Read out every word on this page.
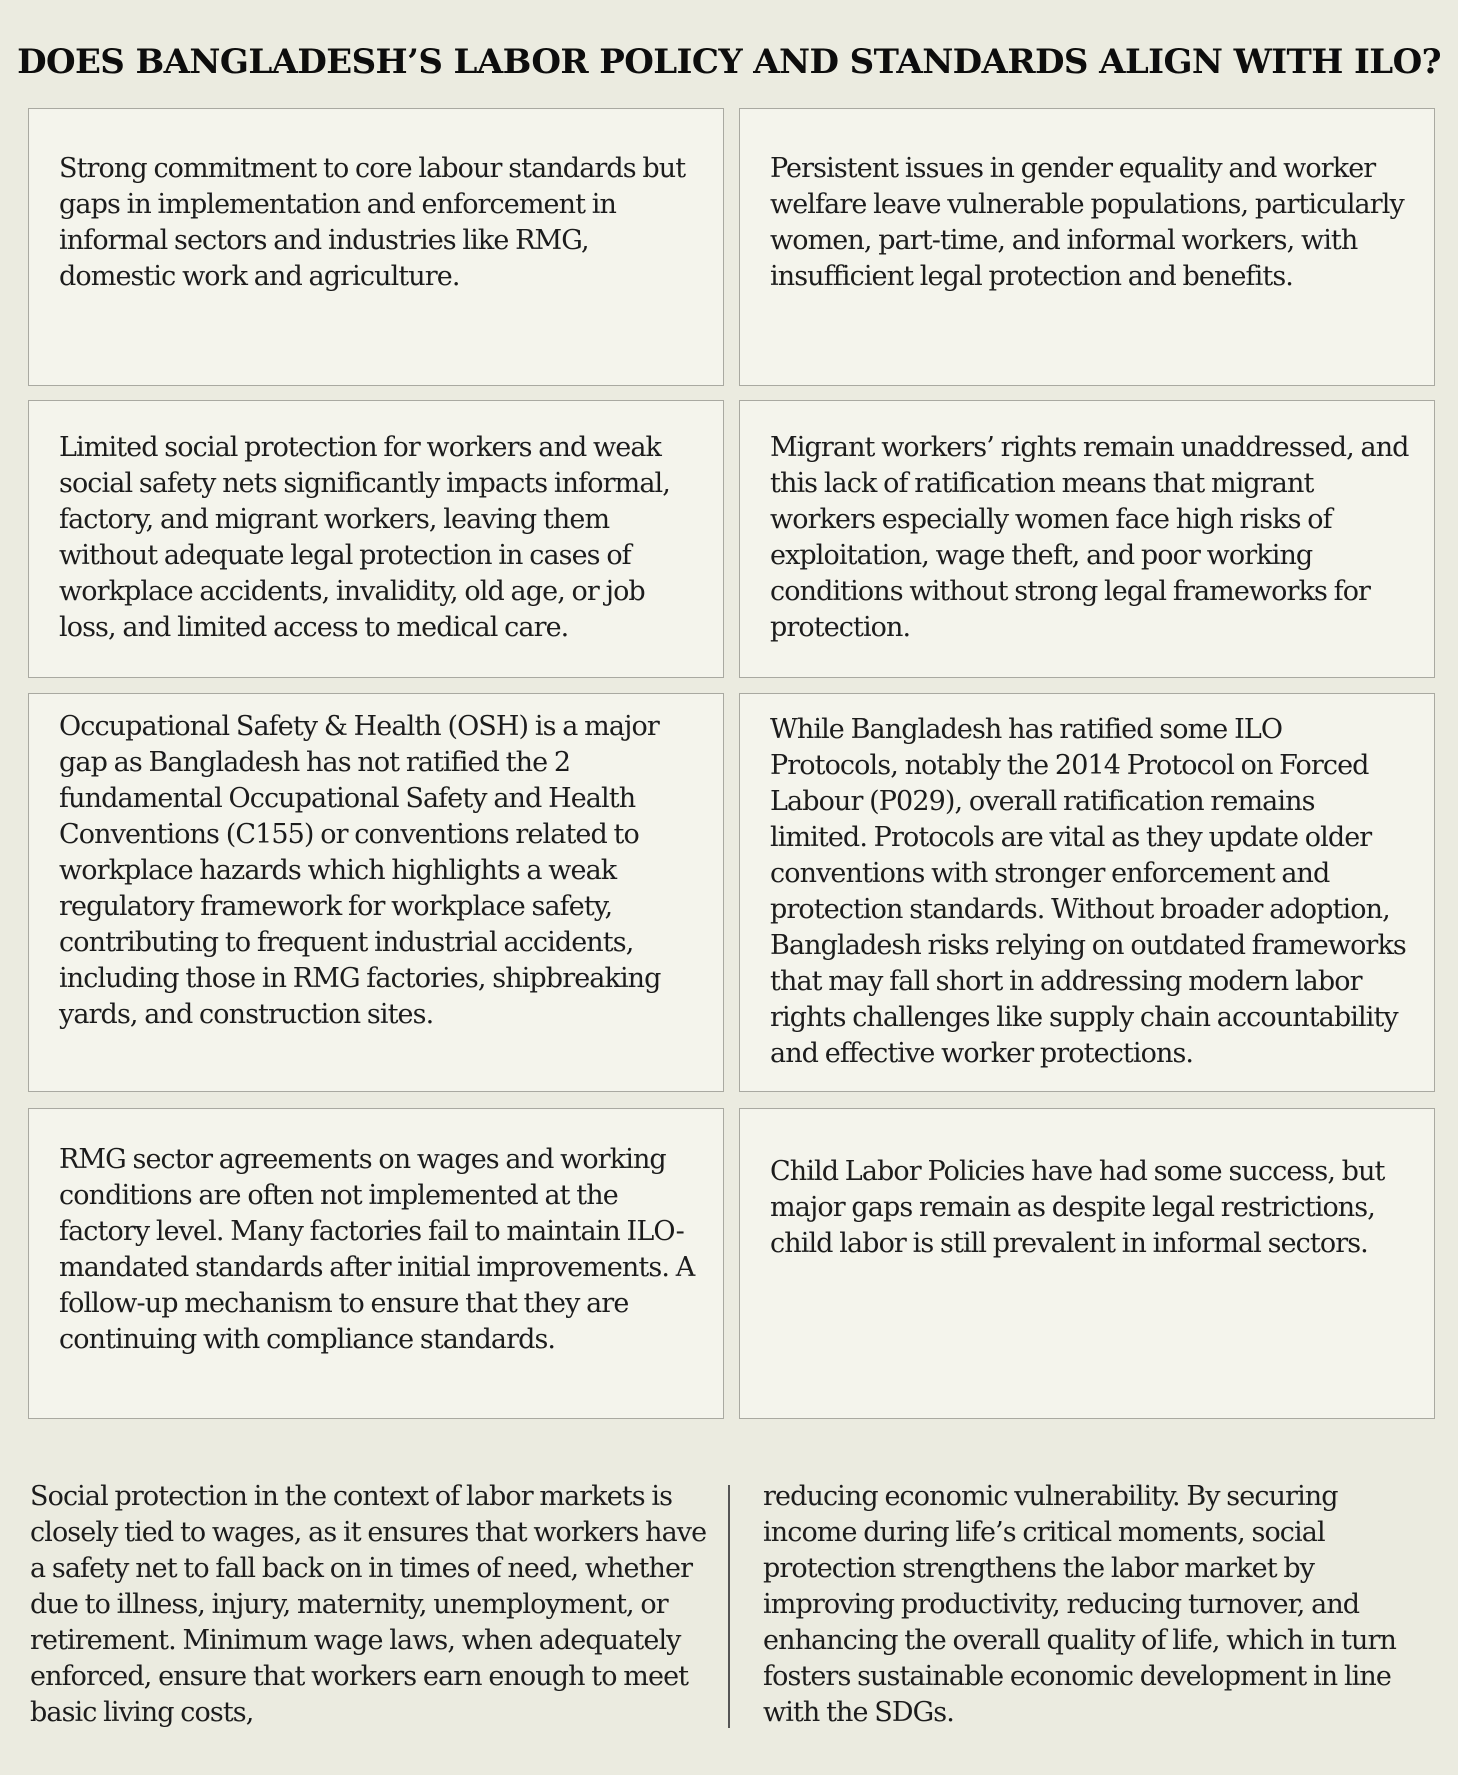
DOES BANGLADESH’S LABOR POLICY AND STANDARDS ALIGN WITH ILO?

Strong commitment to core labour standards but gaps in implementation and enforcement in informal sectors and industries like RMG, domestic work and agriculture.

Persistent issues in gender equality and worker welfare leave vulnerable populations, particularly women, part-time, and informal workers, with insufficient legal protection and benefits.

Limited social protection for workers and weak social safety nets significantly impacts informal, factory, and migrant workers, leaving them without adequate legal protection in cases of workplace accidents, invalidity, old age, or job loss, and limited access to medical care.

Migrant workers’ rights remain unaddressed, and this lack of ratification means that migrant workers especially women face high risks of exploitation, wage theft, and poor working conditions without strong legal frameworks for protection.

Occupational Safety & Health (OSH) is a major gap as Bangladesh has not ratified the 2 fundamental Occupational Safety and Health Conventions (C155) or conventions related to workplace hazards which highlights a weak regulatory framework for workplace safety, contributing to frequent industrial accidents, including those in RMG factories, shipbreaking yards, and construction sites.

While Bangladesh has ratified some ILO Protocols, notably the 2014 Protocol on Forced Labour (P029), overall ratification remains limited. Protocols are vital as they update older conventions with stronger enforcement and protection standards. Without broader adoption, Bangladesh risks relying on outdated frameworks that may fall short in addressing modern labor rights challenges like supply chain accountability and effective worker protections.

RMG sector agreements on wages and working conditions are often not implemented at the factory level. Many factories fail to maintain ILO-mandated standards after initial improvements. A follow-up mechanism to ensure that they are continuing with compliance standards.

Child Labor Policies have had some success, but major gaps remain as despite legal restrictions, child labor is still prevalent in informal sectors.

Social protection in the context of labor markets is closely tied to wages, as it ensures that workers have a safety net to fall back on in times of need, whether due to illness, injury, maternity, unemployment, or retirement. Minimum wage laws, when adequately enforced, ensure that workers earn enough to meet basic living costs,

reducing economic vulnerability. By securing income during life’s critical moments, social protection strengthens the labor market by improving productivity, reducing turnover, and enhancing the overall quality of life, which in turn fosters sustainable economic development in line with the SDGs.
